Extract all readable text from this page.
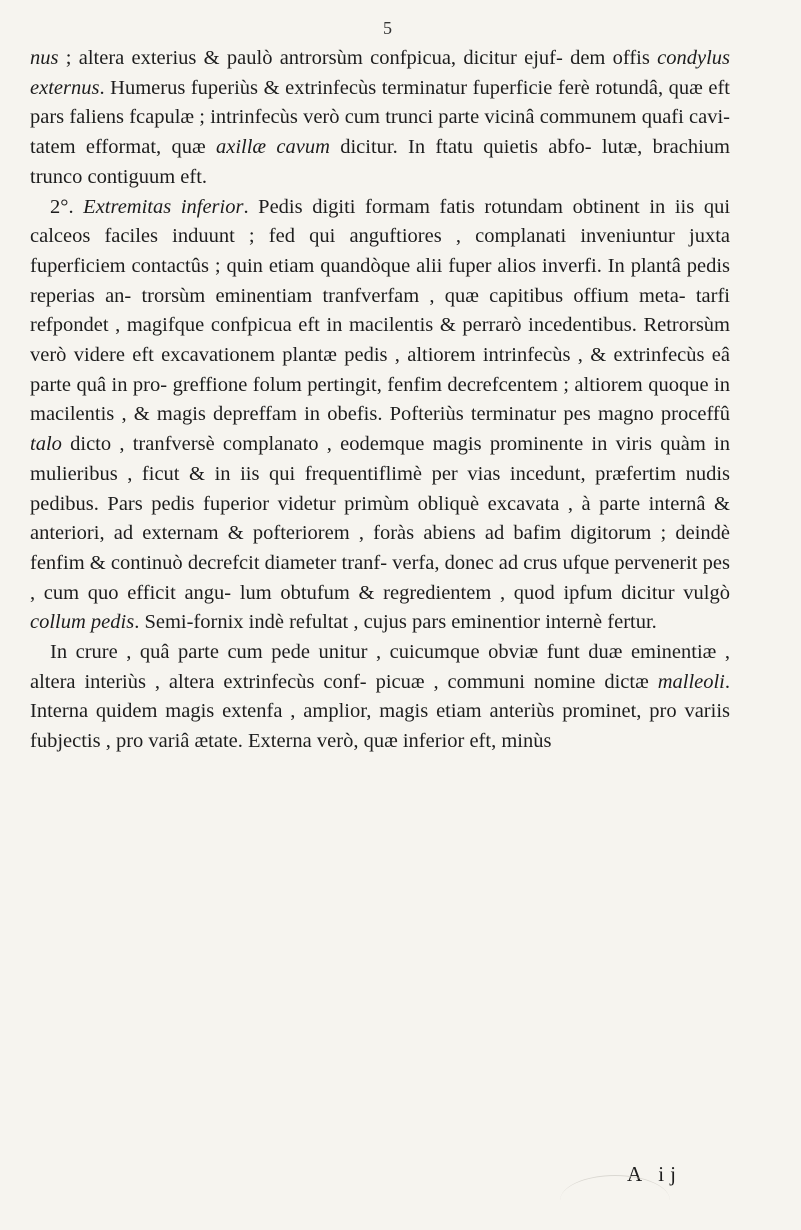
5

nus ; altera exterius & paulò antrorsùm confpicua, dicitur ejuf- dem offis condylus externus. Humerus fuperiùs & extrinfecùs terminatur fuperficie ferè rotundâ, quæ eft pars faliens fcapulæ ; intrinfecùs verò cum trunci parte vicinâ communem quafi cavi- tatem efformat, quæ axillæ cavum dicitur. In ftatu quietis abfo- lutæ, brachium trunco contiguum eft.

2°. Extremitas inferior. Pedis digiti formam fatis rotundam obtinent in iis qui calceos faciles induunt ; fed qui anguftiores , complanati inveniuntur juxta fuperficiem contactûs ; quin etiam quandòque alii fuper alios inverfi. In plantâ pedis reperias an- trorsùm eminentiam tranfverfam , quæ capitibus offium meta- tarfi refpondet , magifque confpicua eft in macilentis & perrarò incedentibus. Retrorsùm verò videre eft excavationem plantæ pedis , altiorem intrinfecùs , & extrinfecùs eâ parte quâ in pro- greffione folum pertingit, fenfim decrefcentem ; altiorem quoque in macilentis , & magis depreffam in obefis. Pofteriùs terminatur pes magno proceffû talo dicto , tranfversè complanato , eodemque magis prominente in viris quàm in mulieribus , ficut & in iis qui frequentiflimè per vias incedunt, præfertim nudis pedibus. Pars pedis fuperior videtur primùm obliquè excavata , à parte internâ & anteriori, ad externam & pofteriorem , foràs abiens ad bafim digitorum ; deindè fenfim & continuò decrefcit diameter tranf- verfa, donec ad crus ufque pervenerit pes , cum quo efficit angu- lum obtufum & regredientem , quod ipfum dicitur vulgò collum pedis. Semi-fornix indè refultat , cujus pars eminentior internè fertur.

In crure , quâ parte cum pede unitur , cuicumque obviæ funt duæ eminentiæ , altera interiùs , altera extrinfecùs conf- picuæ , communi nomine dictæ malleoli. Interna quidem magis extenfa , amplior, magis etiam anteriùs prominet, pro variis fubjectis , pro variâ ætate. Externa verò, quæ inferior eft, minùs

A ij
